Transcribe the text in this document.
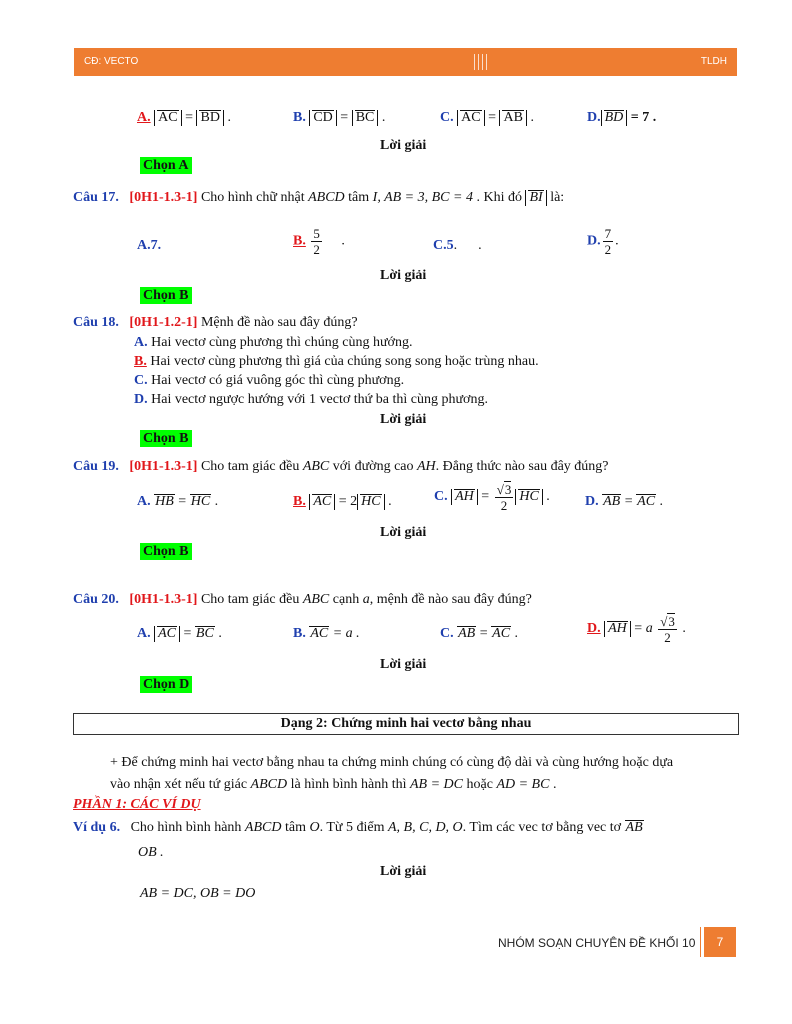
CĐ: VECTO	TLDH
A. AC = BD .	B. CD = BC .	C. AC = AB .	D. BD = 7 .
Lời giải
Chọn A
Câu 17. [0H1-1.3-1] Cho hình chữ nhật ABCD tâm I, AB = 3, BC = 4 . Khi đó BI là:
A.7.	B. $\frac{5}{2}$ .	C.5.      .	D. $\frac{7}{2}$ .
Lời giải
Chọn B
Câu 18. [0H1-1.2-1] Mệnh đề nào sau đây đúng?
A. Hai vectơ cùng phương thì chúng cùng hướng.
B. Hai vectơ cùng phương thì giá của chúng song song hoặc trùng nhau.
C. Hai vectơ có giá vuông góc thì cùng phương.
D. Hai vectơ ngược hướng với 1 vectơ thứ ba thì cùng phương.
Lời giải
Chọn B
Câu 19. [0H1-1.3-1] Cho tam giác đều ABC với đường cao AH. Đẳng thức nào sau đây đúng?
A. HB = HC .	B. AC = 2 HC .	C. AH = $\frac{√3}{2}$ HC .	D. AB = AC .
Lời giải
Chọn B
Câu 20. [0H1-1.3-1] Cho tam giác đều ABC cạnh a, mệnh đề nào sau đây đúng?
A. AC = BC .	B. AC = a .	C. AB = AC .	D. AH = a $\frac{√3}{2}$ .
Lời giải
Chọn D
Dạng 2: Chứng minh hai vectơ bằng nhau
+ Để chứng minh hai vectơ bằng nhau ta chứng minh chúng có cùng độ dài và cùng hướng hoặc dựa
vào nhận xét nếu tứ giác ABCD là hình bình hành thì AB = DC hoặc AD = BC .
PHẦN 1: CÁC VÍ DỤ
Ví dụ 6. Cho hình bình hành ABCD tâm O. Từ 5 điểm A, B, C, D, O. Tìm các vec tơ bằng vec tơ AB
OB .
Lời giải
AB = DC, OB = DO
NHÓM SOẠN CHUYÊN ĐỀ KHỐI 10	7
